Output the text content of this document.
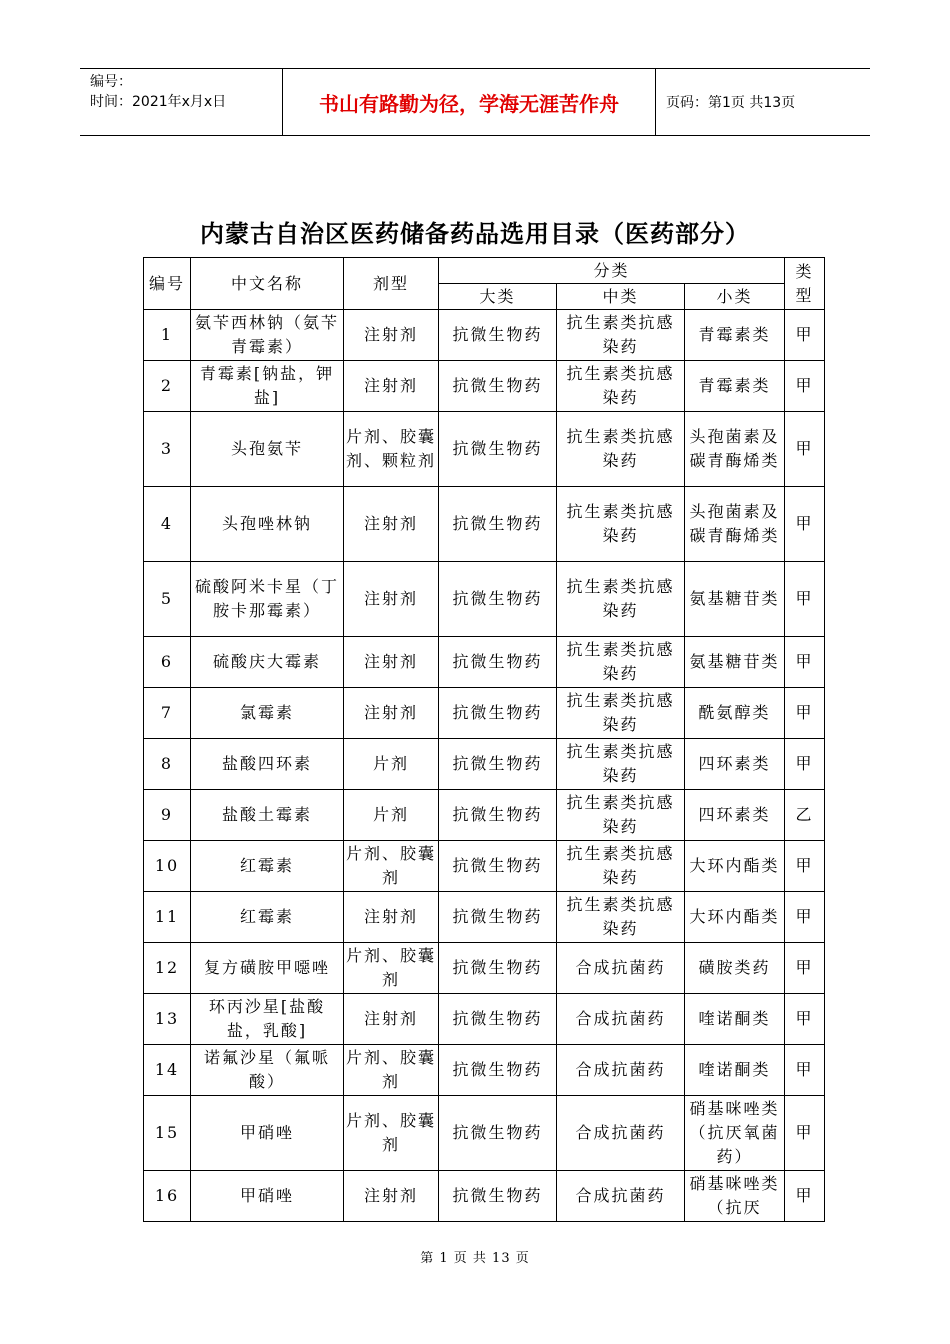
编号：
时间：2021年x月x日	书山有路勤为径，学海无涯苦作舟	页码：第1页 共13页
内蒙古自治区医药储备药品选用目录（医药部分）
编号	中文名称	剂型	分类			类型
			大类	中类	小类	
1	氨苄西林钠（氨苄青霉素）	注射剂	抗微生物药	抗生素类抗感染药	青霉素类	甲
2	青霉素[钠盐，钾盐]	注射剂	抗微生物药	抗生素类抗感染药	青霉素类	甲
3	头孢氨苄	片剂、胶囊剂、颗粒剂	抗微生物药	抗生素类抗感染药	头孢菌素及碳青酶烯类	甲
4	头孢唑林钠	注射剂	抗微生物药	抗生素类抗感染药	头孢菌素及碳青酶烯类	甲
5	硫酸阿米卡星（丁胺卡那霉素）	注射剂	抗微生物药	抗生素类抗感染药	氨基糖苷类	甲
6	硫酸庆大霉素	注射剂	抗微生物药	抗生素类抗感染药	氨基糖苷类	甲
7	氯霉素	注射剂	抗微生物药	抗生素类抗感染药	酰氨醇类	甲
8	盐酸四环素	片剂	抗微生物药	抗生素类抗感染药	四环素类	甲
9	盐酸土霉素	片剂	抗微生物药	抗生素类抗感染药	四环素类	乙
10	红霉素	片剂、胶囊剂	抗微生物药	抗生素类抗感染药	大环内酯类	甲
11	红霉素	注射剂	抗微生物药	抗生素类抗感染药	大环内酯类	甲
12	复方磺胺甲噁唑	片剂、胶囊剂	抗微生物药	合成抗菌药	磺胺类药	甲
13	环丙沙星[盐酸盐，乳酸]	注射剂	抗微生物药	合成抗菌药	喹诺酮类	甲
14	诺氟沙星（氟哌酸）	片剂、胶囊剂	抗微生物药	合成抗菌药	喹诺酮类	甲
15	甲硝唑	片剂、胶囊剂	抗微生物药	合成抗菌药	硝基咪唑类（抗厌氧菌药）	甲
16	甲硝唑	注射剂	抗微生物药	合成抗菌药	硝基咪唑类（抗厌	甲
第 1 页 共 13 页
